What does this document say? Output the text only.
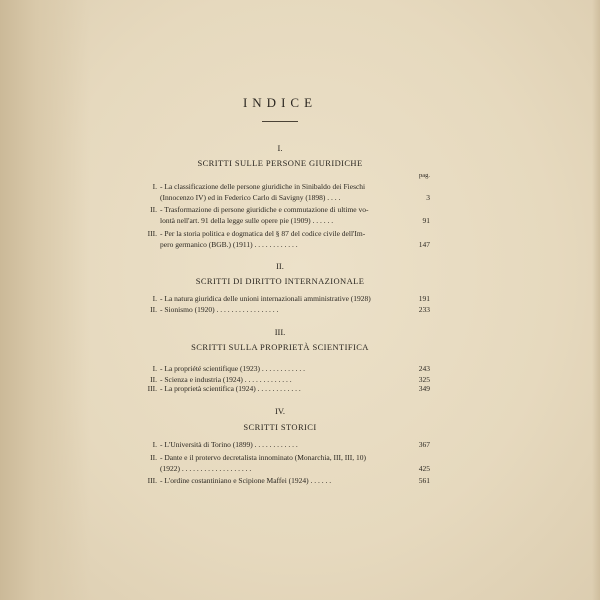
INDICE
pag.
I.
SCRITTI SULLE PERSONE GIURIDICHE
I. - La classificazione delle persone giuridiche in Sinibaldo dei Fieschi
(Innocenzo IV) ed in Federico Carlo di Savigny (1898) . . . .	3
II. - Trasformazione di persone giuridiche e commutazione di ultime vo-
lontà nell'art. 91 della legge sulle opere pie (1909) . . . . . .	91
III. - Per la storia politica e dogmatica del § 87 del codice civile dell'Im-
pero germanico (BGB.) (1911) . . . . . . . . . . . .	147
II.
SCRITTI DI DIRITTO INTERNAZIONALE
I. - La natura giuridica delle unioni internazionali amministrative (1928)	191
II. - Sionismo (1920) . . . . . . . . . . . . . . . . .	233
III.
SCRITTI SULLA PROPRIETÀ SCIENTIFICA
I. - La propriété scientifique (1923) . . . . . . . . . . . .	243
II. - Scienza e industria (1924) . . . . . . . . . . . . .	325
III. - La proprietà scientifica (1924) . . . . . . . . . . . .	349
IV.
SCRITTI STORICI
I. - L'Università di Torino (1899) . . . . . . . . . . . .	367
II. - Dante e il protervo decretalista innominato (Monarchia, III, III, 10)
(1922) . . . . . . . . . . . . . . . . . . .	425
III. - L'ordine costantiniano e Scipione Maffei (1924) . . . . . .	561
